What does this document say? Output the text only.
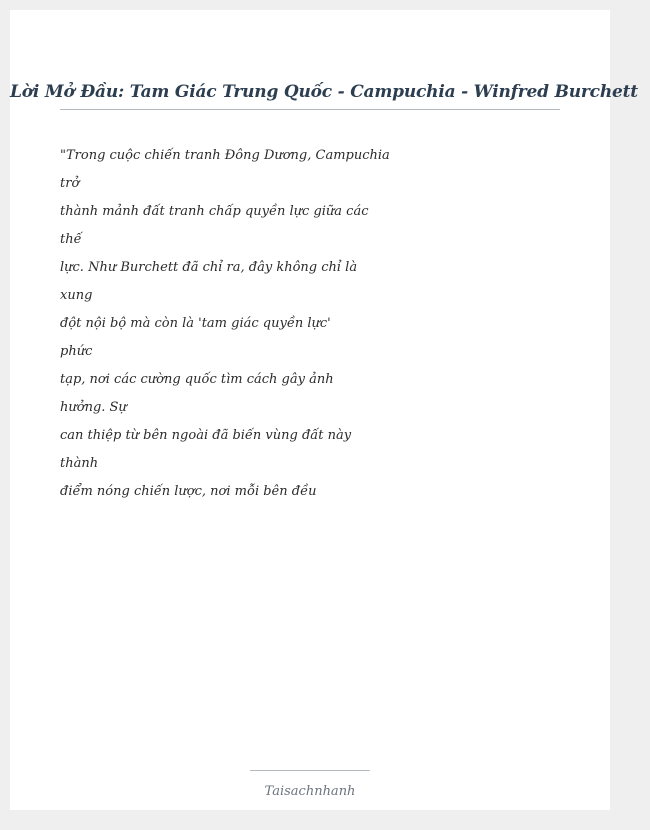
Lời Mở Đầu: Tam Giác Trung Quốc - Campuchia - Winfred Burchett
"Trong cuộc chiến tranh Đông Dương, Campuchia
trở
thành mảnh đất tranh chấp quyền lực giữa các
thế
lực. Như Burchett đã chỉ ra, đây không chỉ là
xung
đột nội bộ mà còn là 'tam giác quyền lực'
phức
tạp, nơi các cường quốc tìm cách gây ảnh
hưởng. Sự
can thiệp từ bên ngoài đã biến vùng đất này
thành
điểm nóng chiến lược, nơi mỗi bên đều
Taisachnhanh
